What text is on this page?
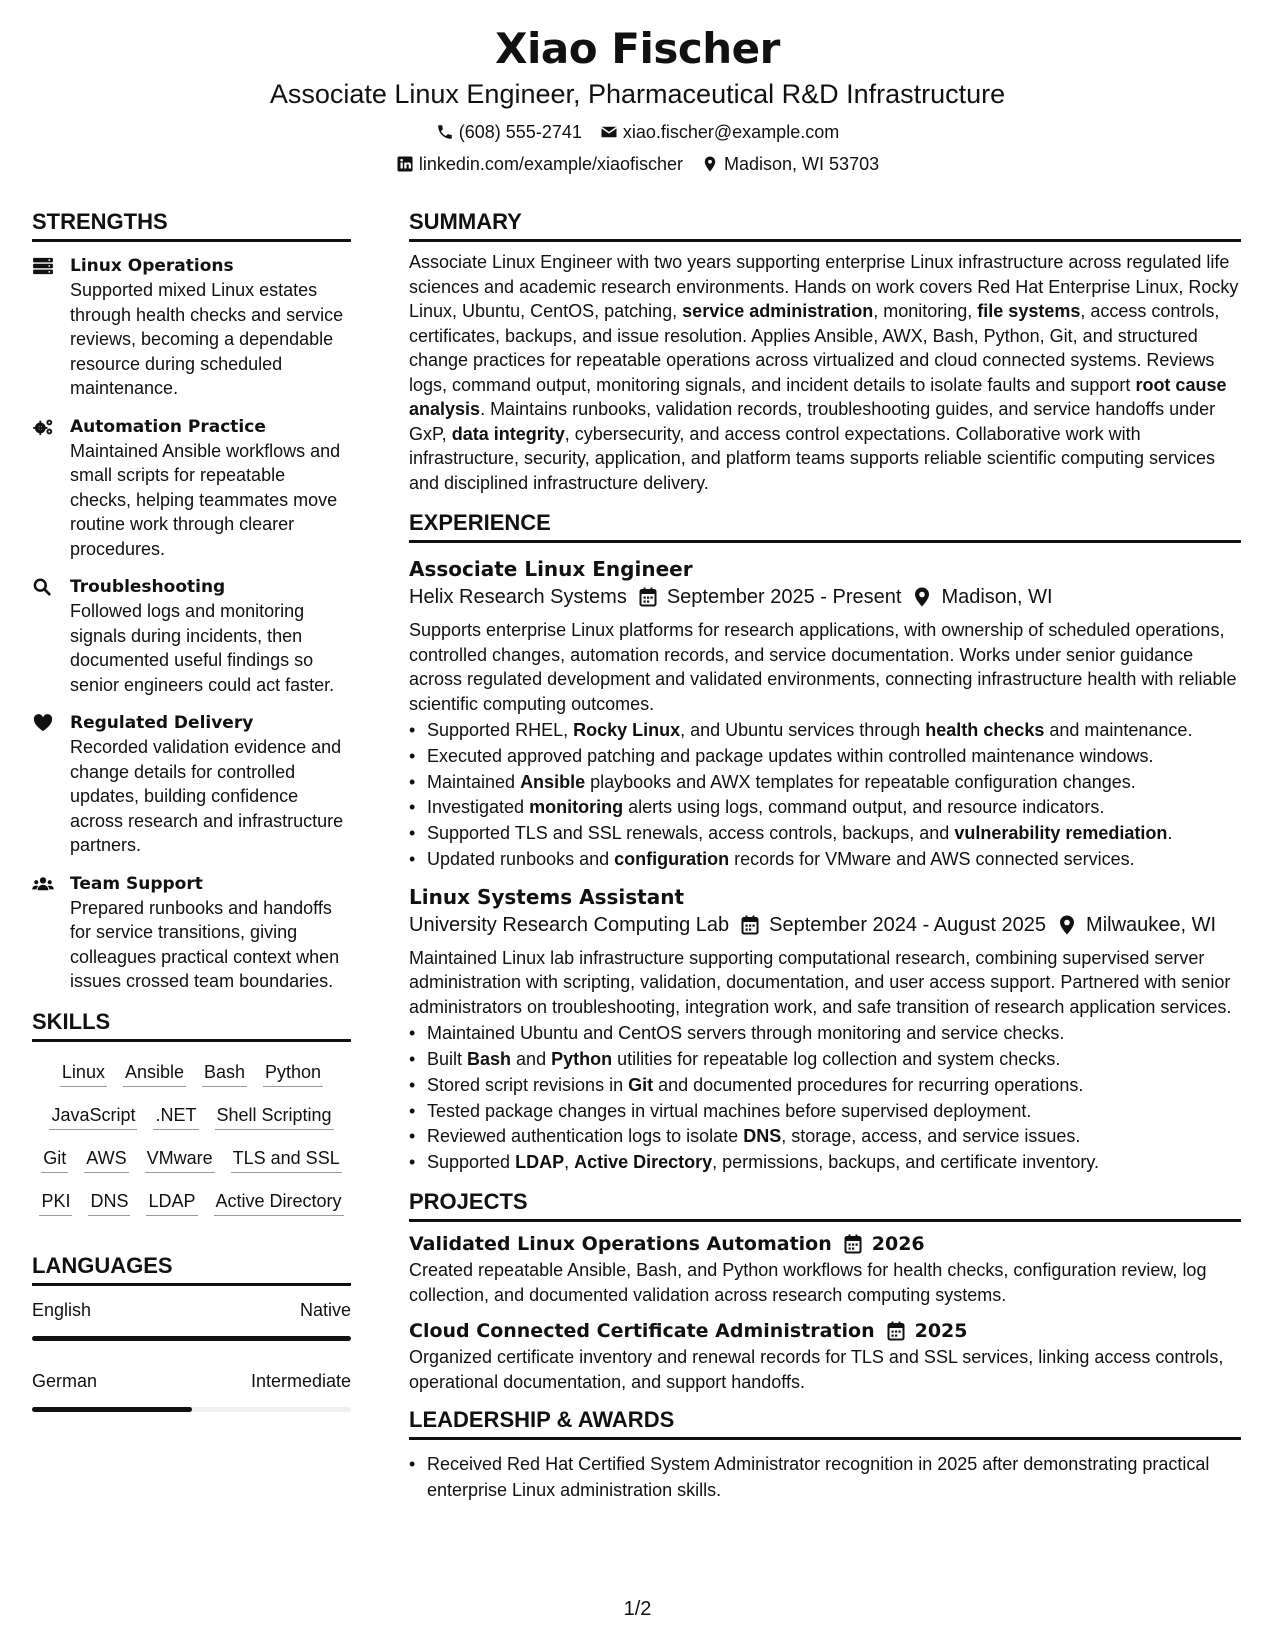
Xiao Fischer
Associate Linux Engineer, Pharmaceutical R&D Infrastructure
(608) 555-2741 xiao.fischer@example.com
linkedin.com/example/xiaofischer Madison, WI 53703
STRENGTHS
Linux Operations
Supported mixed Linux estates through health checks and service reviews, becoming a dependable resource during scheduled maintenance.
Automation Practice
Maintained Ansible workflows and small scripts for repeatable checks, helping teammates move routine work through clearer procedures.
Troubleshooting
Followed logs and monitoring signals during incidents, then documented useful findings so senior engineers could act faster.
Regulated Delivery
Recorded validation evidence and change details for controlled updates, building confidence across research and infrastructure partners.
Team Support
Prepared runbooks and handoffs for service transitions, giving colleagues practical context when issues crossed team boundaries.
SKILLS
Linux Ansible Bash Python
JavaScript .NET Shell Scripting
Git AWS VMware TLS and SSL
PKI DNS LDAP Active Directory
LANGUAGES
English	Native
German	Intermediate
SUMMARY
Associate Linux Engineer with two years supporting enterprise Linux infrastructure across regulated life sciences and academic research environments. Hands on work covers Red Hat Enterprise Linux, Rocky Linux, Ubuntu, CentOS, patching, service administration, monitoring, file systems, access controls, certificates, backups, and issue resolution. Applies Ansible, AWX, Bash, Python, Git, and structured change practices for repeatable operations across virtualized and cloud connected systems. Reviews logs, command output, monitoring signals, and incident details to isolate faults and support root cause analysis. Maintains runbooks, validation records, troubleshooting guides, and service handoffs under GxP, data integrity, cybersecurity, and access control expectations. Collaborative work with infrastructure, security, application, and platform teams supports reliable scientific computing services and disciplined infrastructure delivery.
EXPERIENCE
Associate Linux Engineer
Helix Research Systems September 2025 - Present Madison, WI
Supports enterprise Linux platforms for research applications, with ownership of scheduled operations, controlled changes, automation records, and service documentation. Works under senior guidance across regulated development and validated environments, connecting infrastructure health with reliable scientific computing outcomes.
• Supported RHEL, Rocky Linux, and Ubuntu services through health checks and maintenance.
• Executed approved patching and package updates within controlled maintenance windows.
• Maintained Ansible playbooks and AWX templates for repeatable configuration changes.
• Investigated monitoring alerts using logs, command output, and resource indicators.
• Supported TLS and SSL renewals, access controls, backups, and vulnerability remediation.
• Updated runbooks and configuration records for VMware and AWS connected services.
Linux Systems Assistant
University Research Computing Lab September 2024 - August 2025 Milwaukee, WI
Maintained Linux lab infrastructure supporting computational research, combining supervised server administration with scripting, validation, documentation, and user access support. Partnered with senior administrators on troubleshooting, integration work, and safe transition of research application services.
• Maintained Ubuntu and CentOS servers through monitoring and service checks.
• Built Bash and Python utilities for repeatable log collection and system checks.
• Stored script revisions in Git and documented procedures for recurring operations.
• Tested package changes in virtual machines before supervised deployment.
• Reviewed authentication logs to isolate DNS, storage, access, and service issues.
• Supported LDAP, Active Directory, permissions, backups, and certificate inventory.
PROJECTS
Validated Linux Operations Automation 2026
Created repeatable Ansible, Bash, and Python workflows for health checks, configuration review, log collection, and documented validation across research computing systems.
Cloud Connected Certificate Administration 2025
Organized certificate inventory and renewal records for TLS and SSL services, linking access controls, operational documentation, and support handoffs.
LEADERSHIP & AWARDS
• Received Red Hat Certified System Administrator recognition in 2025 after demonstrating practical enterprise Linux administration skills.
1/2
